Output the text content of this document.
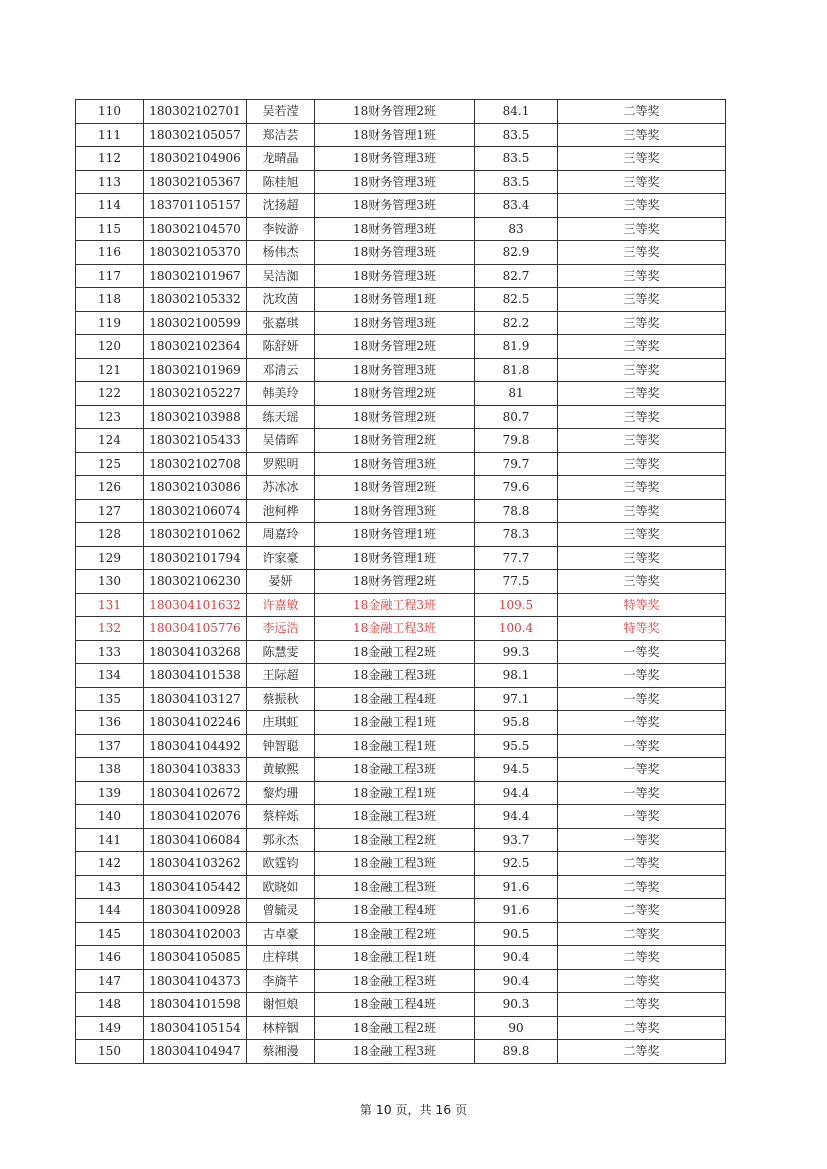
110	180302102701	吴若滢	18财务管理2班	84.1	二等奖
111	180302105057	郑洁芸	18财务管理1班	83.5	三等奖
112	180302104906	龙晴晶	18财务管理3班	83.5	三等奖
113	180302105367	陈桂旭	18财务管理3班	83.5	三等奖
114	183701105157	沈扬超	18财务管理3班	83.4	三等奖
115	180302104570	李铵游	18财务管理3班	83	三等奖
116	180302105370	杨伟杰	18财务管理3班	82.9	三等奖
117	180302101967	吴洁洳	18财务管理3班	82.7	三等奖
118	180302105332	沈玫茵	18财务管理1班	82.5	三等奖
119	180302100599	张嘉琪	18财务管理3班	82.2	三等奖
120	180302102364	陈舒妍	18财务管理2班	81.9	三等奖
121	180302101969	邓清云	18财务管理3班	81.8	三等奖
122	180302105227	韩美玲	18财务管理2班	81	三等奖
123	180302103988	练天瑶	18财务管理2班	80.7	三等奖
124	180302105433	吴倩晖	18财务管理2班	79.8	三等奖
125	180302102708	罗熙明	18财务管理3班	79.7	三等奖
126	180302103086	苏冰冰	18财务管理2班	79.6	三等奖
127	180302106074	池柯桦	18财务管理3班	78.8	三等奖
128	180302101062	周嘉玲	18财务管理1班	78.3	三等奖
129	180302101794	许家豪	18财务管理1班	77.7	三等奖
130	180302106230	晏妍	18财务管理2班	77.5	三等奖
131	180304101632	许嘉敏	18金融工程3班	109.5	特等奖
132	180304105776	李远浩	18金融工程3班	100.4	特等奖
133	180304103268	陈慧雯	18金融工程2班	99.3	一等奖
134	180304101538	王际超	18金融工程3班	98.1	一等奖
135	180304103127	蔡振秋	18金融工程4班	97.1	一等奖
136	180304102246	庄琪虹	18金融工程1班	95.8	一等奖
137	180304104492	钟智聪	18金融工程1班	95.5	一等奖
138	180304103833	黄敏熙	18金融工程3班	94.5	一等奖
139	180304102672	黎灼珊	18金融工程1班	94.4	一等奖
140	180304102076	蔡梓烁	18金融工程3班	94.4	一等奖
141	180304106084	郭永杰	18金融工程2班	93.7	一等奖
142	180304103262	欧霆钧	18金融工程3班	92.5	二等奖
143	180304105442	欧晓如	18金融工程3班	91.6	二等奖
144	180304100928	曾毓灵	18金融工程4班	91.6	二等奖
145	180304102003	古卓豪	18金融工程2班	90.5	二等奖
146	180304105085	庄梓琪	18金融工程1班	90.4	二等奖
147	180304104373	李旖芊	18金融工程3班	90.4	二等奖
148	180304101598	谢恒烺	18金融工程4班	90.3	二等奖
149	180304105154	林梓铟	18金融工程2班	90	二等奖
150	180304104947	蔡湘漫	18金融工程3班	89.8	二等奖
第 10 页，共 16 页
